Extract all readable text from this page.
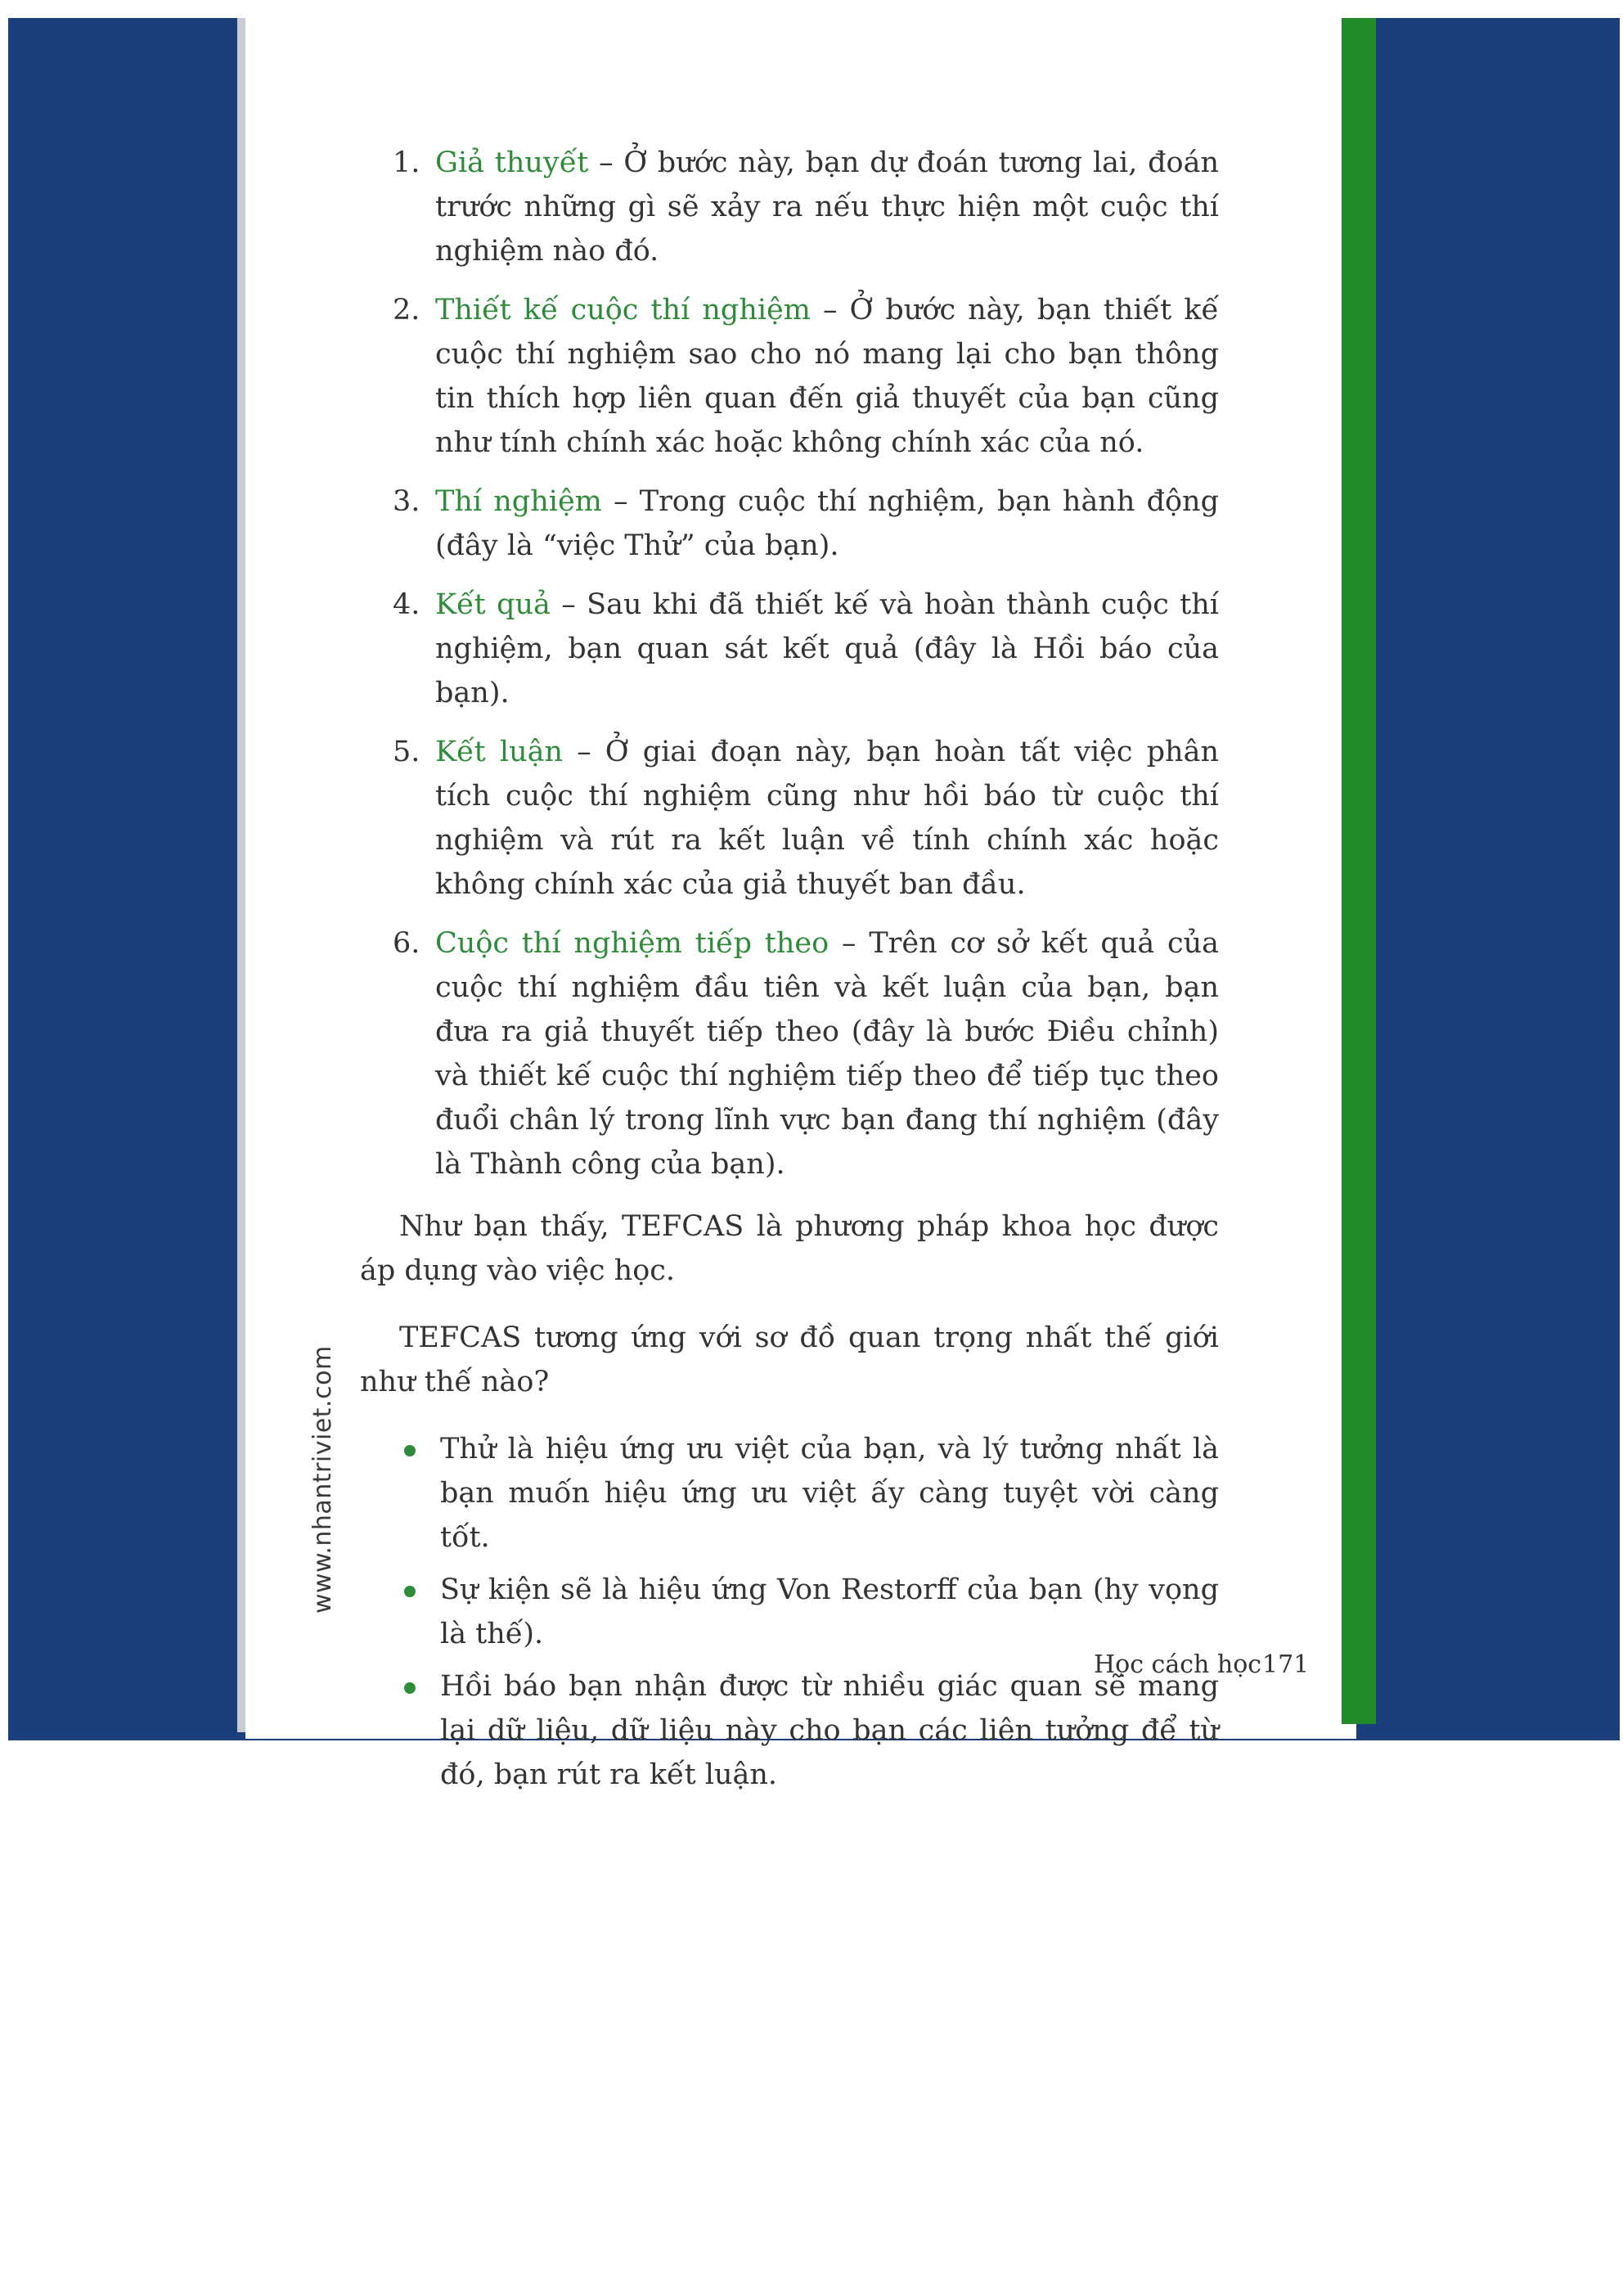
1. Giả thuyết – Ở bước này, bạn dự đoán tương lai, đoán trước những gì sẽ xảy ra nếu thực hiện một cuộc thí nghiệm nào đó.
2. Thiết kế cuộc thí nghiệm – Ở bước này, bạn thiết kế cuộc thí nghiệm sao cho nó mang lại cho bạn thông tin thích hợp liên quan đến giả thuyết của bạn cũng như tính chính xác hoặc không chính xác của nó.
3. Thí nghiệm – Trong cuộc thí nghiệm, bạn hành động (đây là “việc Thử” của bạn).
4. Kết quả – Sau khi đã thiết kế và hoàn thành cuộc thí nghiệm, bạn quan sát kết quả (đây là Hồi báo của bạn).
5. Kết luận – Ở giai đoạn này, bạn hoàn tất việc phân tích cuộc thí nghiệm cũng như hồi báo từ cuộc thí nghiệm và rút ra kết luận về tính chính xác hoặc không chính xác của giả thuyết ban đầu.
6. Cuộc thí nghiệm tiếp theo – Trên cơ sở kết quả của cuộc thí nghiệm đầu tiên và kết luận của bạn, bạn đưa ra giả thuyết tiếp theo (đây là bước Điều chỉnh) và thiết kế cuộc thí nghiệm tiếp theo để tiếp tục theo đuổi chân lý trong lĩnh vực bạn đang thí nghiệm (đây là Thành công của bạn).

Như bạn thấy, TEFCAS là phương pháp khoa học được áp dụng vào việc học.

TEFCAS tương ứng với sơ đồ quan trọng nhất thế giới như thế nào?

Thử là hiệu ứng ưu việt của bạn, và lý tưởng nhất là bạn muốn hiệu ứng ưu việt ấy càng tuyệt vời càng tốt.
Sự kiện sẽ là hiệu ứng Von Restorff của bạn (hy vọng là thế).
Hồi báo bạn nhận được từ nhiều giác quan sẽ mang lại dữ liệu, dữ liệu này cho bạn các liên tưởng để từ đó, bạn rút ra kết luận.
www.nhantriviet.com
Học cách học 171
